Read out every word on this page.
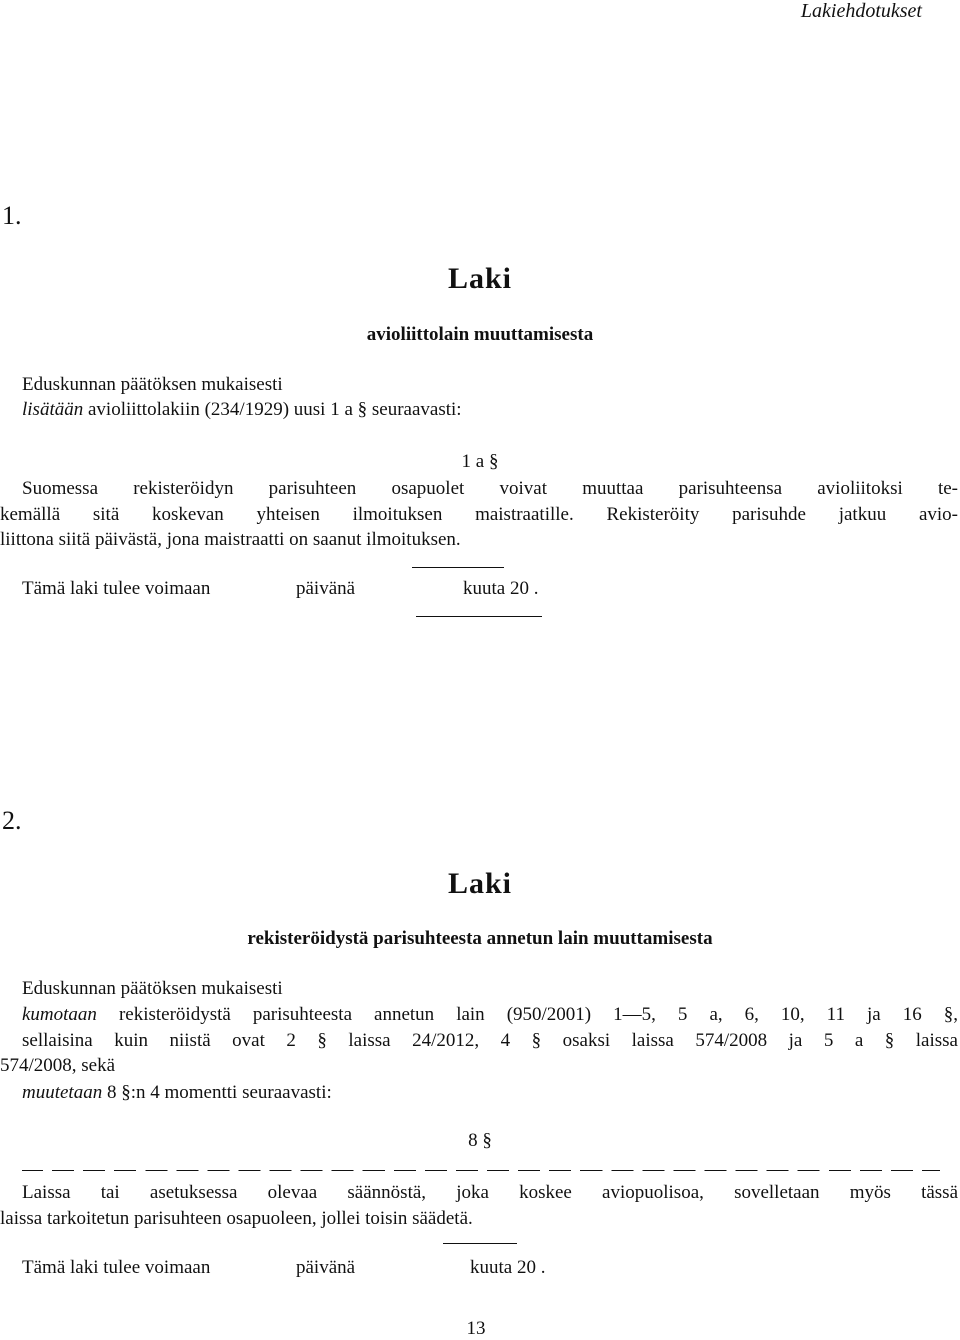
Lakiehdotukset
1.
Laki
avioliittolain muuttamisesta
Eduskunnan päätöksen mukaisesti
lisätään avioliittolakiin (234/1929) uusi 1 a § seuraavasti:
1 a §
Suomessa rekisteröidyn parisuhteen osapuolet voivat muuttaa parisuhteensa avioliitoksi te-
kemällä sitä koskevan yhteisen ilmoituksen maistraatille. Rekisteröity parisuhde jatkuu avio-
liittona siitä päivästä, jona maistraatti on saanut ilmoituksen.
Tämä laki tulee voimaan	päivänä	kuuta 20 .
2.
Laki
rekisteröidystä parisuhteesta annetun lain muuttamisesta
Eduskunnan päätöksen mukaisesti
kumotaan rekisteröidystä parisuhteesta annetun lain (950/2001) 1—5, 5 a, 6, 10, 11 ja 16 §,
sellaisina kuin niistä ovat 2 § laissa 24/2012, 4 § osaksi laissa 574/2008 ja 5 a § laissa
574/2008, sekä
muutetaan 8 §:n 4 momentti seuraavasti:
8 §
Laissa tai asetuksessa olevaa säännöstä, joka koskee aviopuolisoa, sovelletaan myös tässä
laissa tarkoitetun parisuhteen osapuoleen, jollei toisin säädetä.
Tämä laki tulee voimaan	päivänä	kuuta 20 .
13
